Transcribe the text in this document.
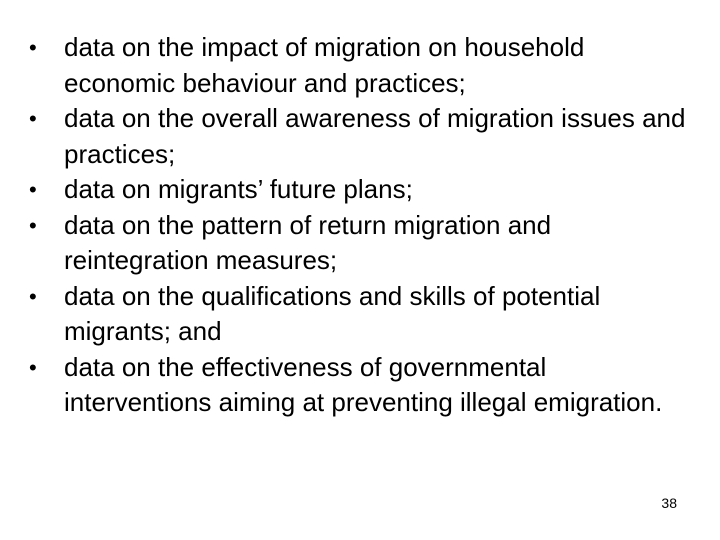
•	data on the impact of migration on household economic behaviour and practices;
•	data on the overall awareness of migration issues and practices;
•	data on migrants’ future plans;
•	data on the pattern of return migration and reintegration measures;
•	data on the qualifications and skills of potential migrants; and
•	data on the effectiveness of governmental interventions aiming at preventing illegal emigration.
38
